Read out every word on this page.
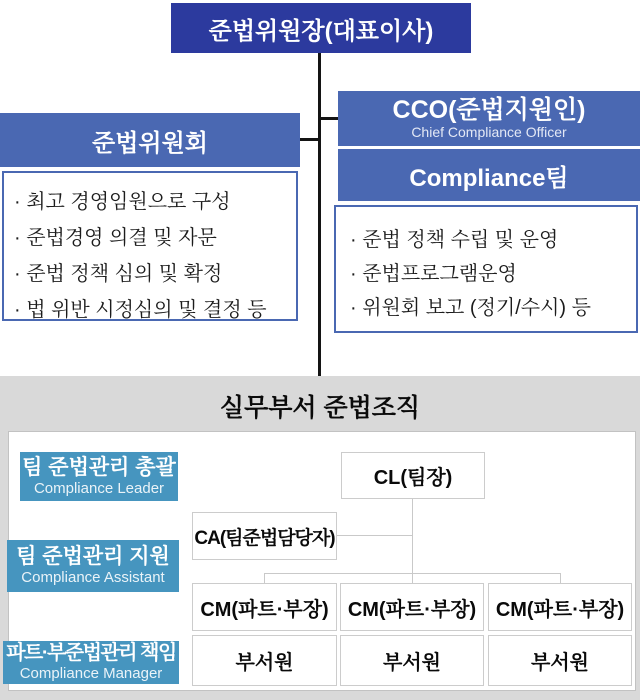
준법위원장(대표이사)
준법위원회
· 최고 경영임원으로 구성
· 준법경영 의결 및 자문
· 준법 정책 심의 및 확정
· 법 위반 시정심의 및 결정 등
CCO(준법지원인)
Chief Compliance Officer
Compliance팀
· 준법 정책 수립 및 운영
· 준법프로그램운영
· 위원회 보고 (정기/수시) 등
실무부서 준법조직
팀 준법관리 총괄
Compliance Leader
팀 준법관리 지원
Compliance Assistant
파트·부준법관리 책임
Compliance Manager
CL(팀장)
CA(팀준법담당자)
CM(파트·부장) CM(파트·부장) CM(파트·부장)
부서원	부서원	부서원
